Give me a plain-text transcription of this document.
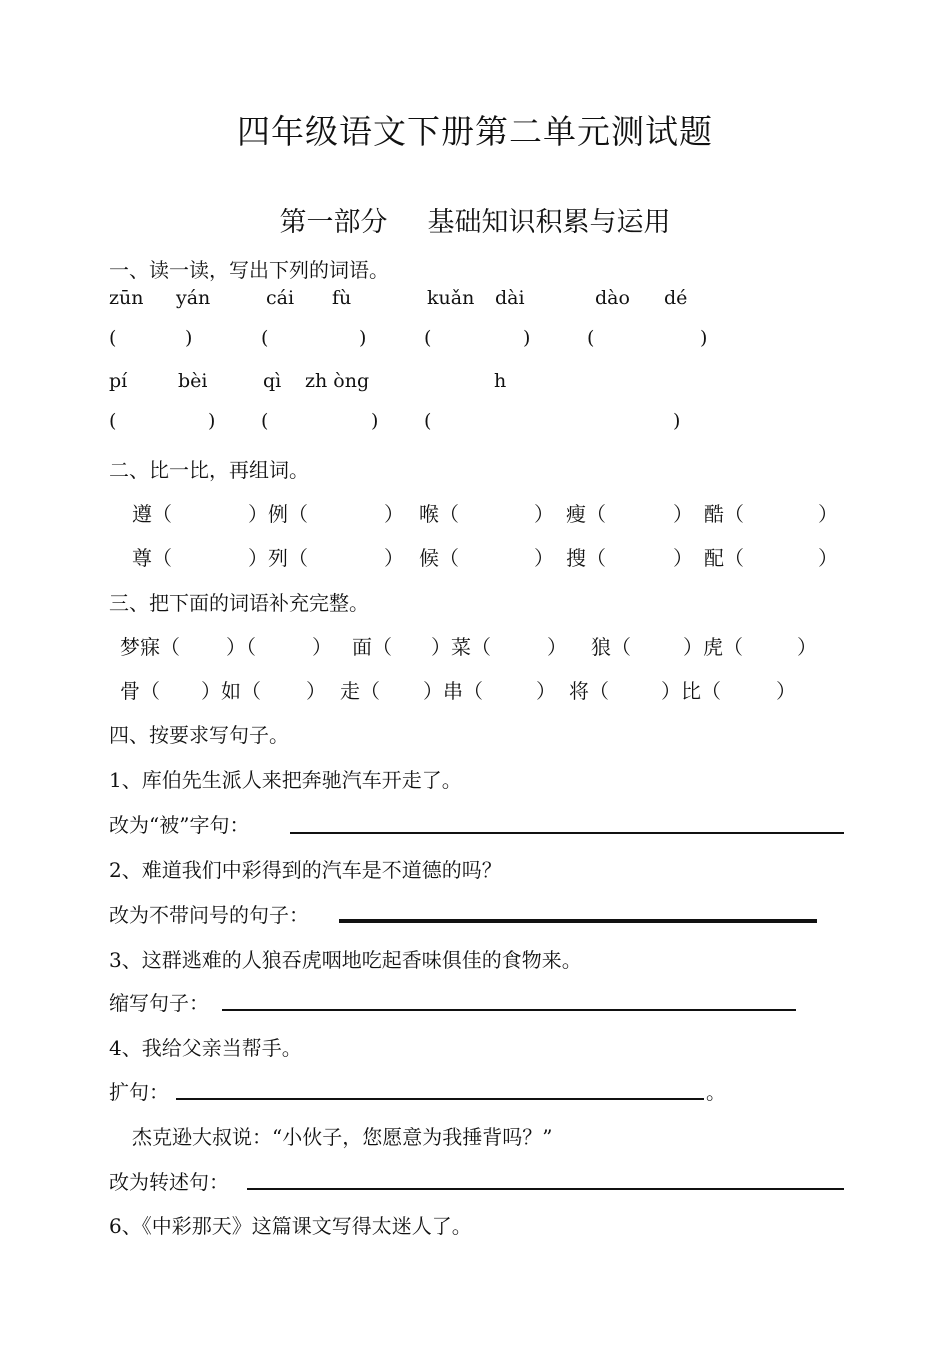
四年级语文下册第二单元测试题
第一部分 基础知识积累与运用
一、读一读，写出下列的词语。
zūn yán	cái fù	kuǎn dài	dào dé
(	)	(	)	(	)	(	)
pí	bèi	qì zh òng	h
(	) (	) (	)
二、比一比，再组词。
遵（	）例（	） 喉（	） 瘦（	） 酷（	）
尊（	）列（	） 候（	） 搜（	） 配（	）
三、把下面的词语补充完整。
梦寐（ ）（	） 面（ ）菜（	） 狼（	）虎（	）
骨（ ）如（ ） 走（ ）串（	） 将（	）比（	）
四、按要求写句子。
1、库伯先生派人来把奔驰汽车开走了。
改为“被”字句：
2、难道我们中彩得到的汽车是不道德的吗？
改为不带问号的句子：
3、这群逃难的人狼吞虎咽地吃起香味俱佳的食物来。
缩写句子：
4、我给父亲当帮手。
扩句：	。
杰克逊大叔说：“小伙子，您愿意为我捶背吗？”
改为转述句：
6、《中彩那天》这篇课文写得太迷人了。
